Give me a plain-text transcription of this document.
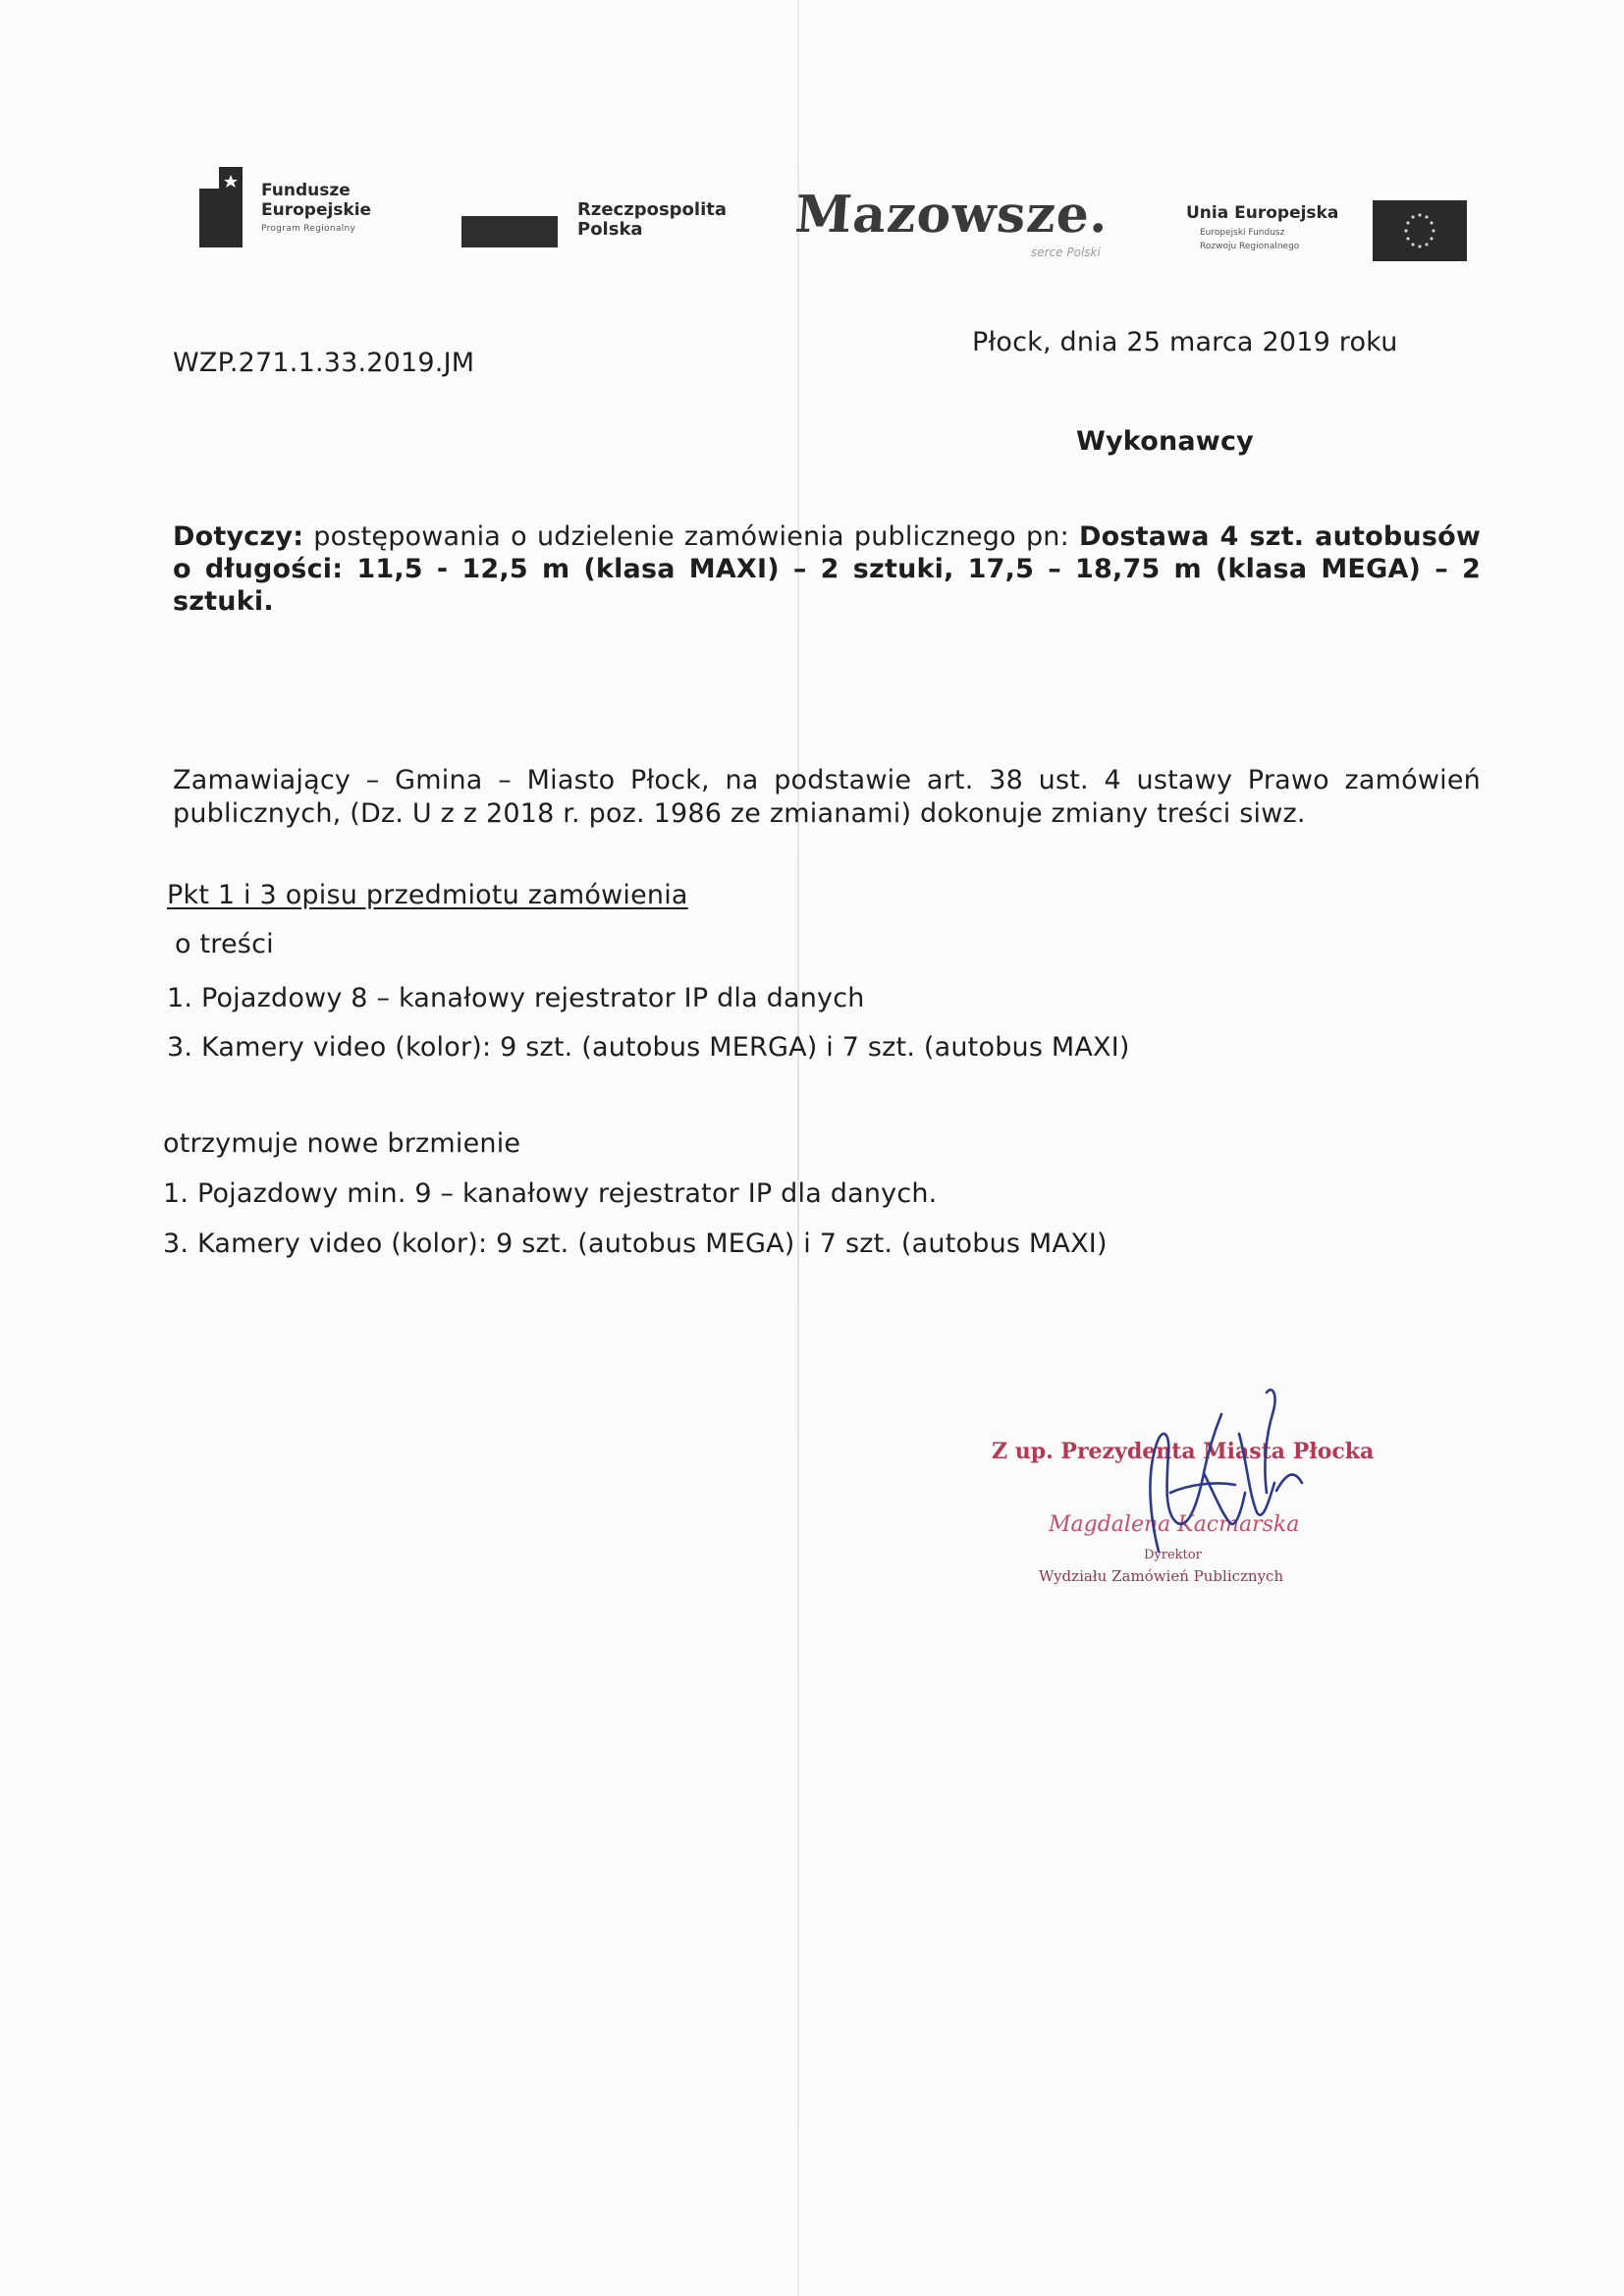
Fundusze
Europejskie
Program Regionalny
Rzeczpospolita
Polska	Mazowsze.
serce Polski
Unia Europejska
Europejski Fundusz
Rozwoju Regionalnego
WZP.271.1.33.2019.JM
Płock, dnia 25 marca 2019 roku
Wykonawcy
Dotyczy: postępowania o udzielenie zamówienia publicznego pn: Dostawa 4 szt. autobusów o długości: 11,5 - 12,5 m (klasa MAXI) – 2 sztuki, 17,5 – 18,75 m (klasa MEGA) – 2 sztuki.
Zamawiający – Gmina – Miasto Płock, na podstawie art. 38 ust. 4 ustawy Prawo zamówień publicznych, (Dz. U z z 2018 r. poz. 1986 ze zmianami) dokonuje zmiany treści siwz.
Pkt 1 i 3 opisu przedmiotu zamówienia
o treści
1. Pojazdowy 8 – kanałowy rejestrator IP dla danych
3. Kamery video (kolor): 9 szt. (autobus MERGA) i 7 szt. (autobus MAXI)
otrzymuje nowe brzmienie
1. Pojazdowy min. 9 – kanałowy rejestrator IP dla danych.
3. Kamery video (kolor): 9 szt. (autobus MEGA) i 7 szt. (autobus MAXI)
Z up. Prezydenta Miasta Płocka
Magdalena Kacmarska
Dyrektor
Wydziału Zamówień Publicznych
